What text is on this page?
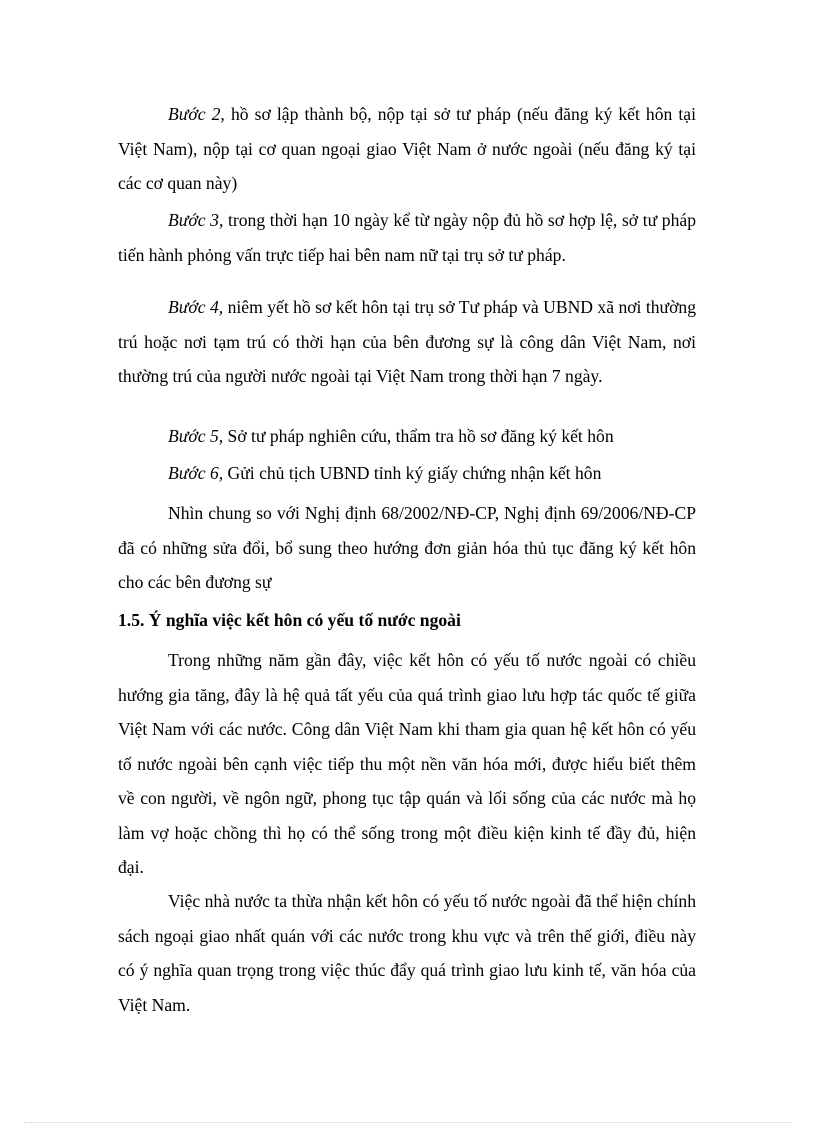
Bước 2, hồ sơ lập thành bộ, nộp tại sở tư pháp (nếu đăng ký kết hôn tại Việt Nam), nộp tại cơ quan ngoại giao Việt Nam ở nước ngoài (nếu đăng ký tại các cơ quan này)

Bước 3, trong thời hạn 10 ngày kể từ ngày nộp đủ hồ sơ hợp lệ, sở tư pháp tiến hành phỏng vấn trực tiếp hai bên nam nữ tại trụ sở tư pháp.

Bước 4, niêm yết hồ sơ kết hôn tại trụ sở Tư pháp và UBND xã nơi thường trú hoặc nơi tạm trú có thời hạn của bên đương sự là công dân Việt Nam, nơi thường trú của người nước ngoài tại Việt Nam trong thời hạn 7 ngày.

Bước 5, Sở tư pháp nghiên cứu, thẩm tra hồ sơ đăng ký kết hôn

Bước 6, Gửi chủ tịch UBND tỉnh ký giấy chứng nhận kết hôn

Nhìn chung so với Nghị định 68/2002/NĐ-CP, Nghị định 69/2006/NĐ-CP đã có những sửa đổi, bổ sung theo hướng đơn giản hóa thủ tục đăng ký kết hôn cho các bên đương sự

1.5. Ý nghĩa việc kết hôn có yếu tố nước ngoài

Trong những năm gần đây, việc kết hôn có yếu tố nước ngoài có chiều hướng gia tăng, đây là hệ quả tất yếu của quá trình giao lưu hợp tác quốc tế giữa Việt Nam với các nước. Công dân Việt Nam khi tham gia quan hệ kết hôn có yếu tố nước ngoài bên cạnh việc tiếp thu một nền văn hóa mới, được hiểu biết thêm về con người, về ngôn ngữ, phong tục tập quán và lối sống của các nước mà họ làm vợ hoặc chồng thì họ có thể sống trong một điều kiện kinh tế đầy đủ, hiện đại.

Việc nhà nước ta thừa nhận kết hôn có yếu tố nước ngoài đã thể hiện chính sách ngoại giao nhất quán với các nước trong khu vực và trên thế giới, điều này có ý nghĩa quan trọng trong việc thúc đẩy quá trình giao lưu kinh tế, văn hóa của Việt Nam.
